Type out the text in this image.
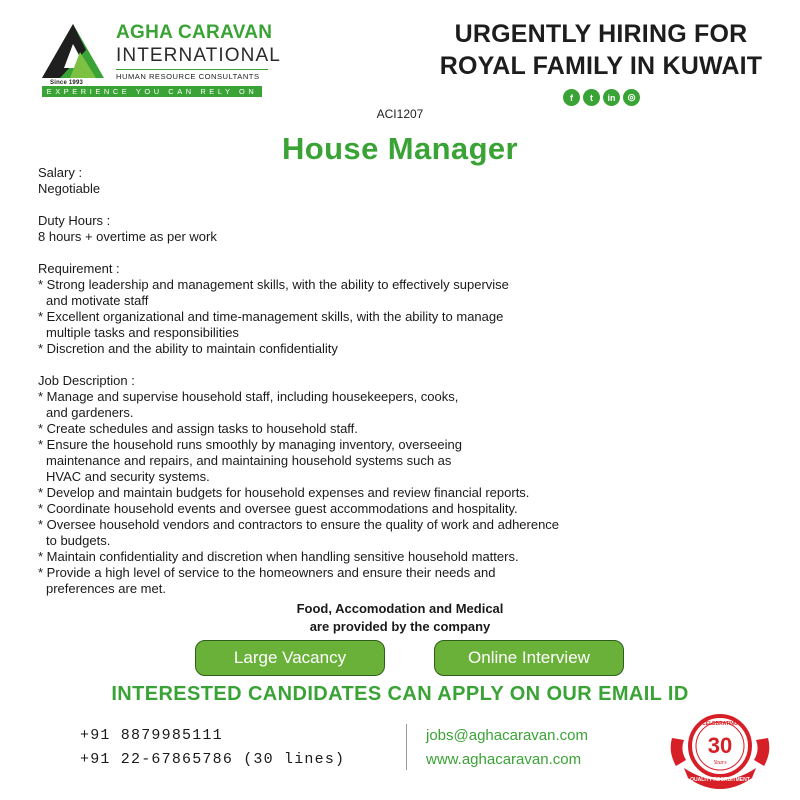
Since 1993
AGHA CARAVAN
INTERNATIONAL
HUMAN RESOURCE CONSULTANTS
EXPERIENCE YOU CAN RELY ON
URGENTLY HIRING FOR
ROYAL FAMILY IN KUWAIT
f	t	in	◎
ACI1207
House Manager

Salary :

Negotiable

Duty Hours :

8 hours + overtime as per work

Requirement :

* Strong leadership and management skills, with the ability to effectively supervise and motivate staff

* Excellent organizational and time-management skills, with the ability to manage multiple tasks and responsibilities

* Discretion and the ability to maintain confidentiality

Job Description :

* Manage and supervise household staff, including housekeepers, cooks, and gardeners.

* Create schedules and assign tasks to household staff.

* Ensure the household runs smoothly by managing inventory, overseeing maintenance and repairs, and maintaining household systems such as HVAC and security systems.

* Develop and maintain budgets for household expenses and review financial reports.

* Coordinate household events and oversee guest accommodations and hospitality.

* Oversee household vendors and contractors to ensure the quality of work and adherence to budgets.

* Maintain confidentiality and discretion when handling sensitive household matters.

* Provide a high level of service to the homeowners and ensure their needs and preferences are met.

Food, Accomodation and Medical
are provided by the company
Large Vacancy	Online Interview
INTERESTED CANDIDATES CAN APPLY ON OUR EMAIL ID
+91 8879985111
+91 22-67865786 (30 lines)
jobs@aghacaravan.com
www.aghacaravan.com
CELEBRATING
30
Years
QUALITY RECRUITMENT
